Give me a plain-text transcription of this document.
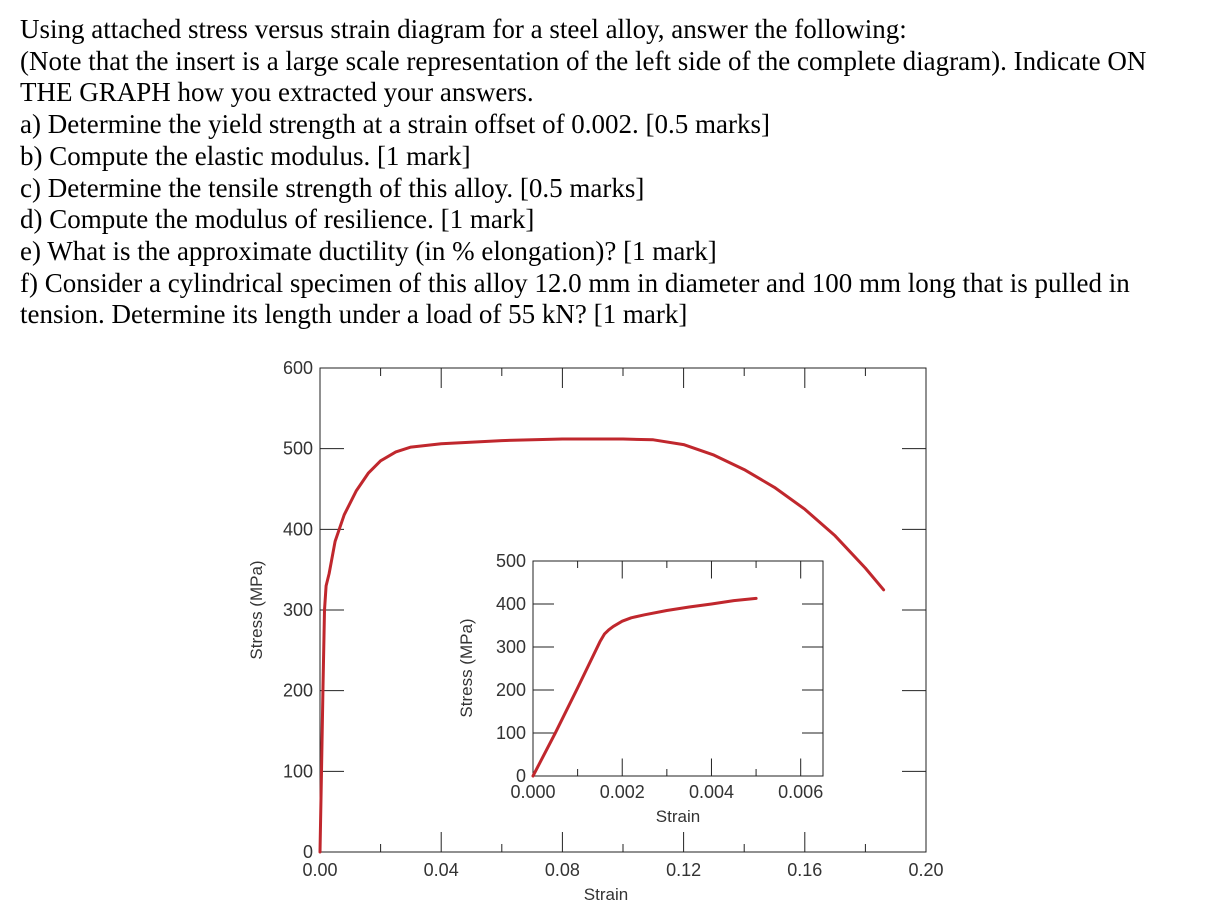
Using attached stress versus strain diagram for a steel alloy, answer the following:
(Note that the insert is a large scale representation of the left side of the complete diagram). Indicate ON
THE GRAPH how you extracted your answers.
a) Determine the yield strength at a strain offset of 0.002. [0.5 marks]
b) Compute the elastic modulus. [1 mark]
c) Determine the tensile strength of this alloy. [0.5 marks]
d) Compute the modulus of resilience. [1 mark]
e) What is the approximate ductility (in % elongation)? [1 mark]
f) Consider a cylindrical specimen of this alloy 12.0 mm in diameter and 100 mm long that is pulled in
tension. Determine its length under a load of 55 kN? [1 mark]
0
100
200
300
400
500
600
0.00	0.04	0.08	0.12	0.16	0.20
Strain
Stress (MPa)
0
100
200
300
400
500
0.000 0.002 0.004 0.006
Strain
Stress (MPa)
